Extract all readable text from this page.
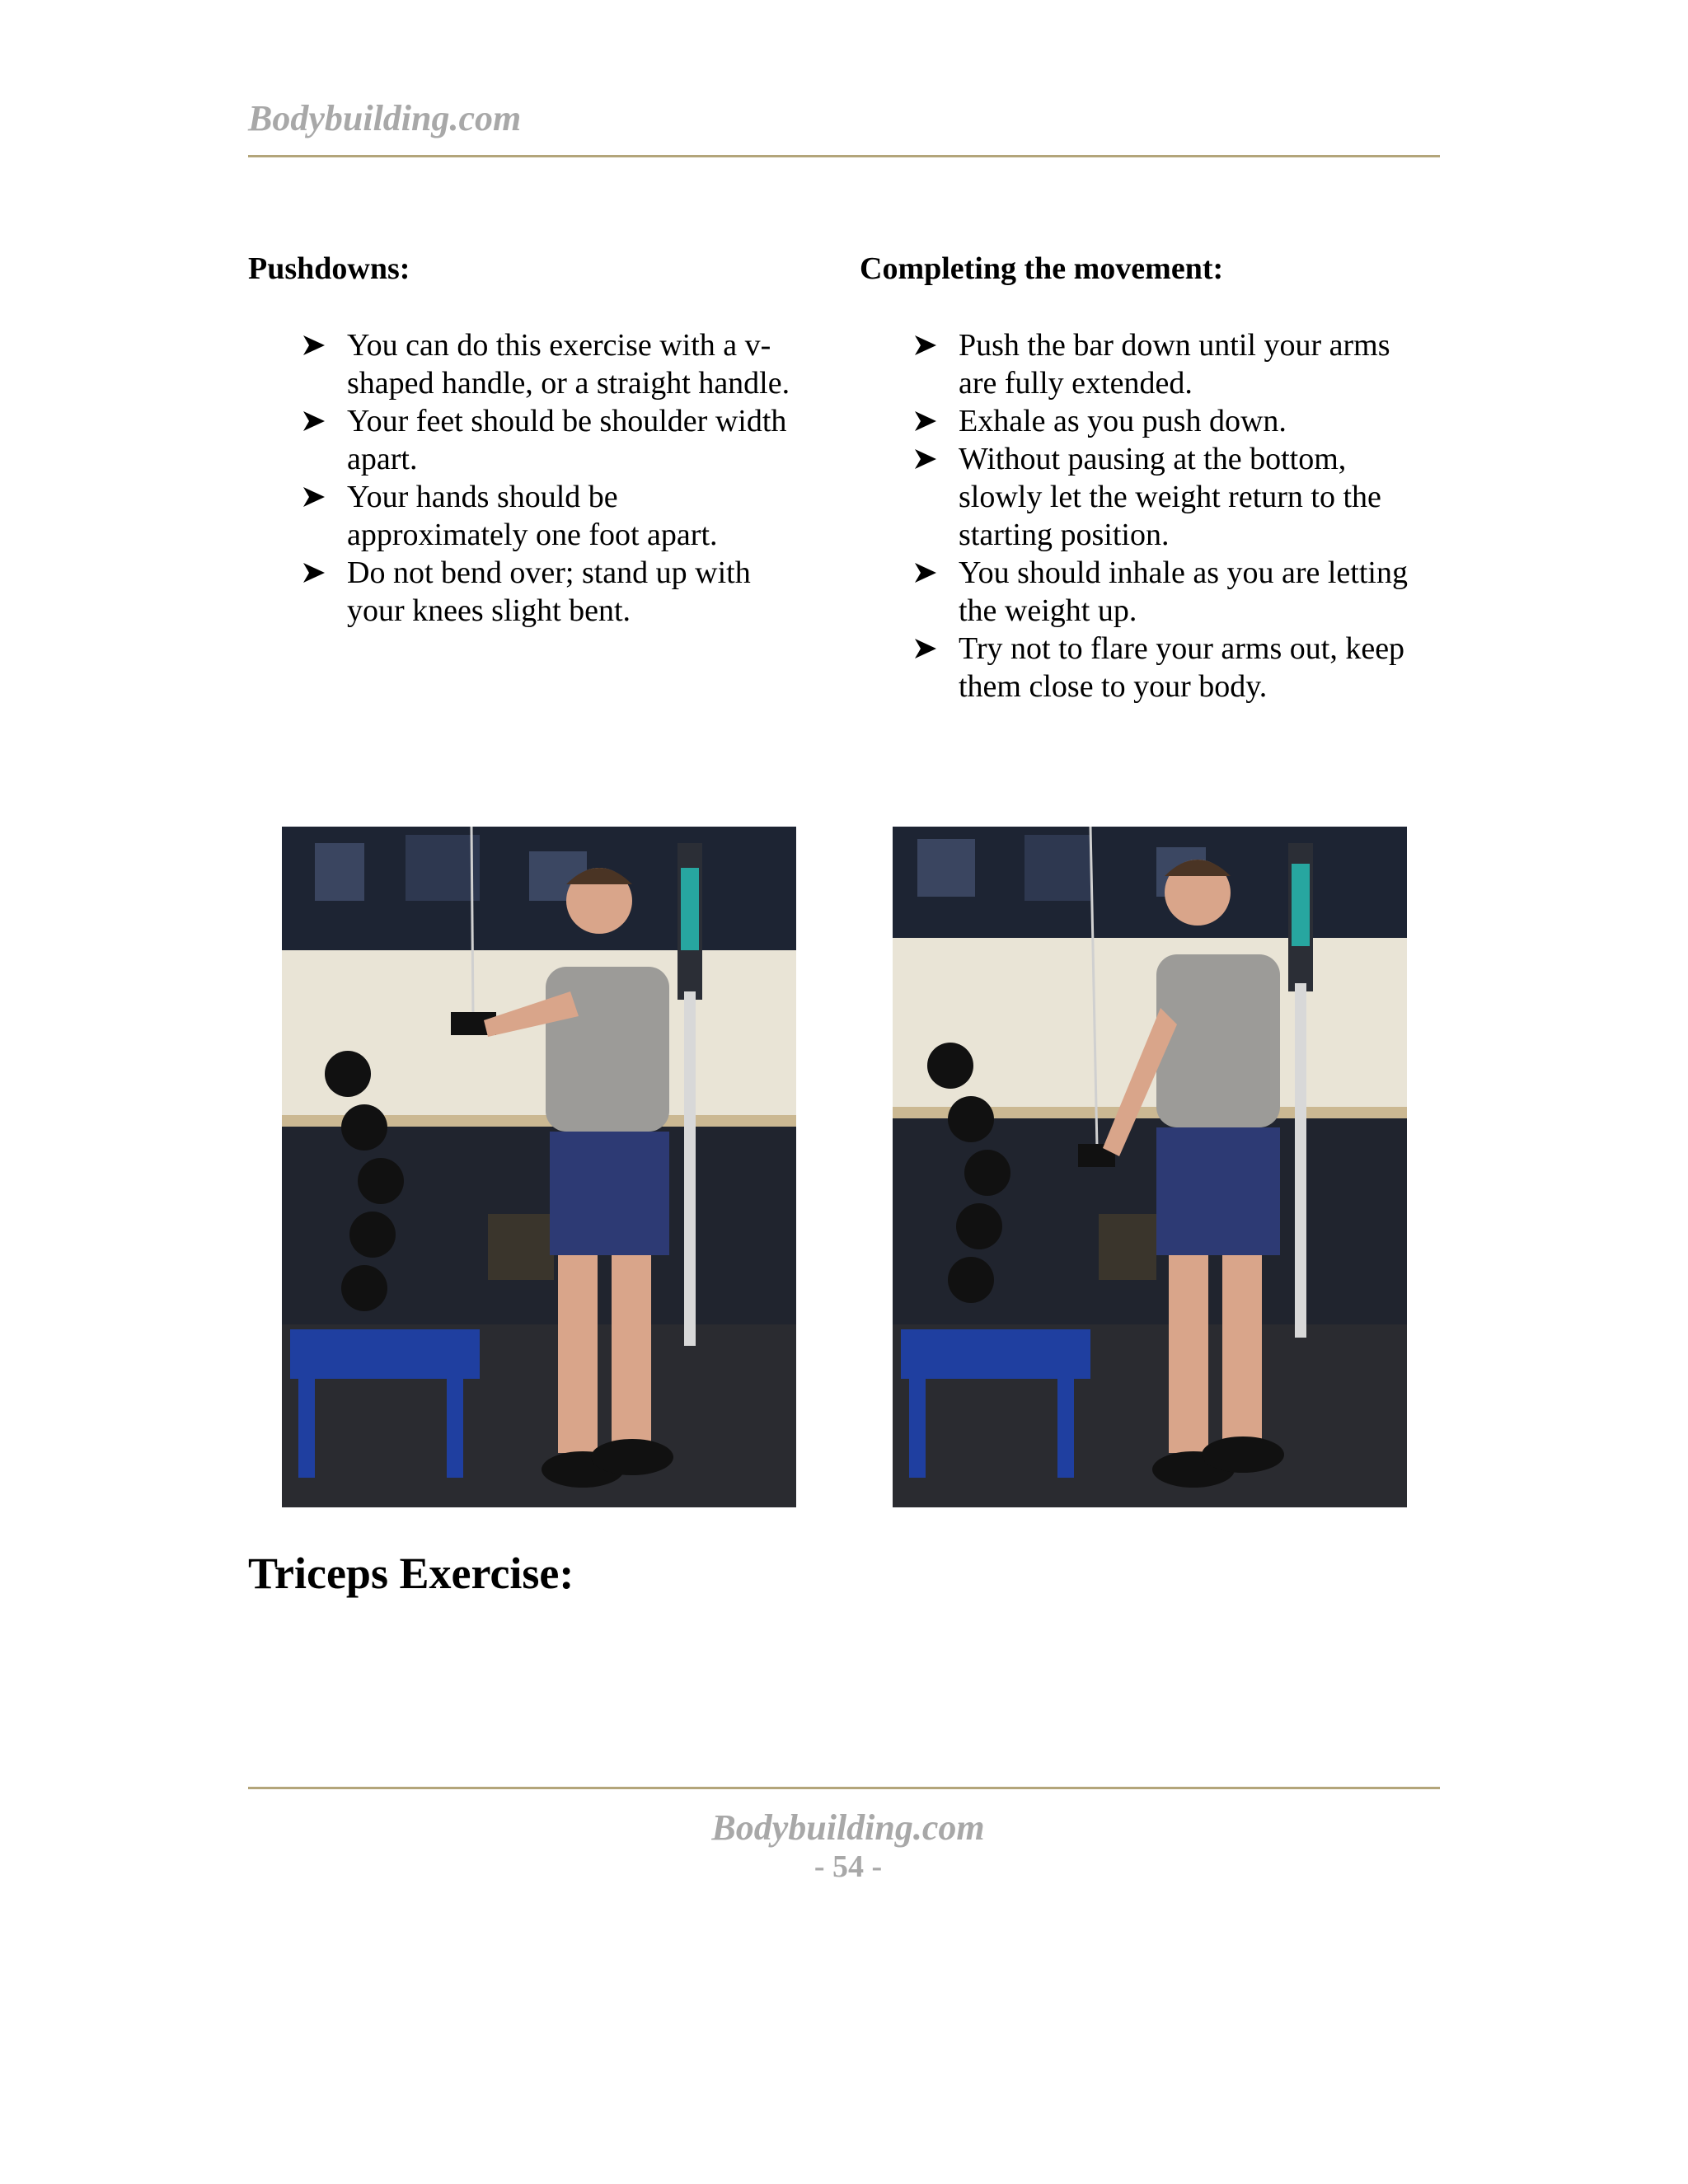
Bodybuilding.com
Pushdowns:	Completing the movement:
You can do this exercise with a v-
shaped handle, or a straight handle.
Your feet should be shoulder width
apart.
Your hands should be
approximately one foot apart.
Do not bend over; stand up with
your knees slight bent.
Push the bar down until your arms
are fully extended.
Exhale as you push down.
Without pausing at the bottom,
slowly let the weight return to the
starting position.
You should inhale as you are letting
the weight up.
Try not to flare your arms out, keep
them close to your body.
Triceps Exercise:
Bodybuilding.com
- 54 -
